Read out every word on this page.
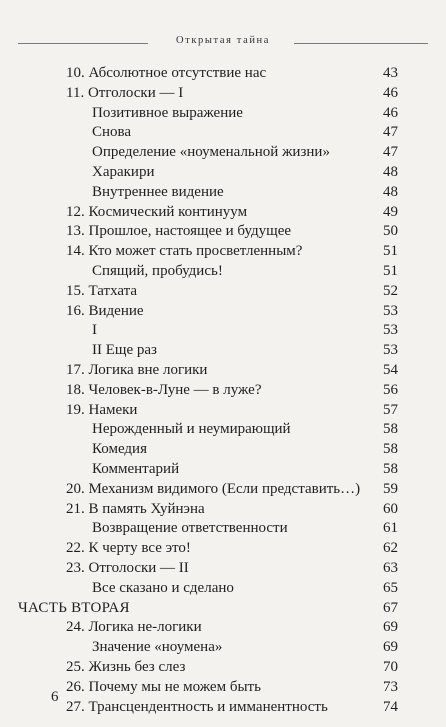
Открытая тайна
10. Абсолютное отсутствие нас	43
11. Отголоски — I	46
Позитивное выражение	46
Снова	47
Определение «ноуменальной жизни»	47
Харакири	48
Внутреннее видение	48
12. Космический континуум	49
13. Прошлое, настоящее и будущее	50
14. Кто может стать просветленным?	51
Спящий, пробудись!	51
15. Татхата	52
16. Видение	53
I	53
II Еще раз	53
17. Логика вне логики	54
18. Человек-в-Луне — в луже?	56
19. Намеки	57
Нерожденный и неумирающий	58
Комедия	58
Комментарий	58
20. Механизм видимого (Если представить…) 59
21. В память Хуйнэна	60
Возвращение ответственности	61
22. К черту все это!	62
23. Отголоски — II	63
Все сказано и сделано	65
ЧАСТЬ ВТОРАЯ	67
24. Логика не-логики	69
Значение «ноумена»	69
25. Жизнь без слез	70
26. Почему мы не можем быть	73
27. Трансцендентность и имманентность	74
6
